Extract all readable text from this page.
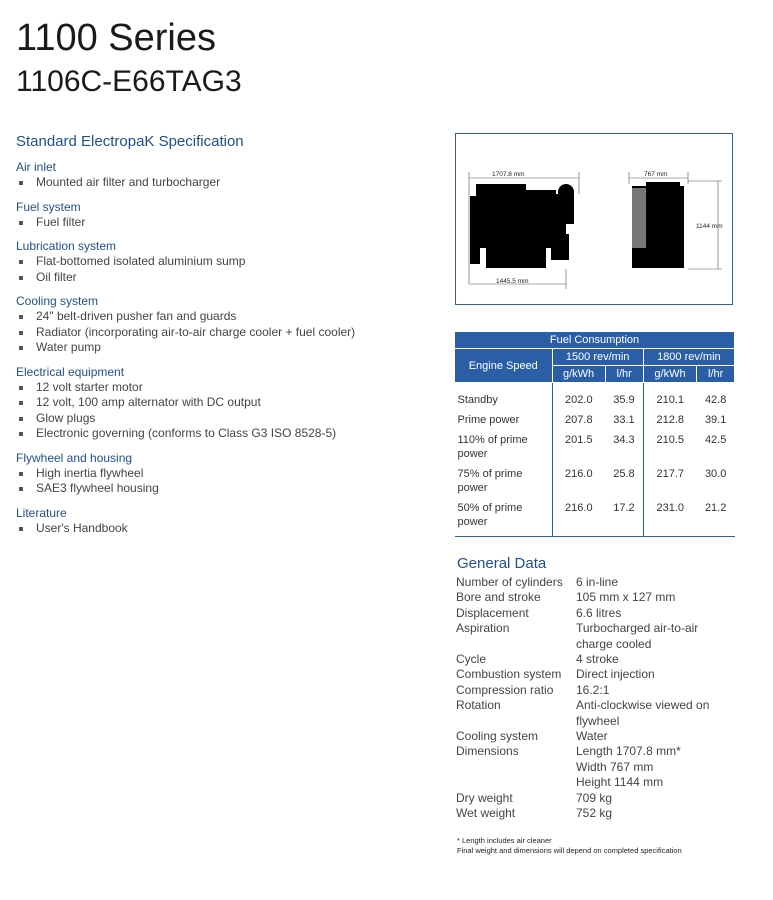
1100 Series
1106C-E66TAG3
Standard ElectropaK Specification
Air inlet
Mounted air filter and turbocharger
Fuel system
Fuel filter
Lubrication system
Flat-bottomed isolated aluminium sump
Oil filter
Cooling system
24" belt-driven pusher fan and guards
Radiator (incorporating air-to-air charge cooler + fuel cooler)
Water pump
Electrical equipment
12 volt starter motor
12 volt, 100 amp alternator with DC output
Glow plugs
Electronic governing (conforms to Class G3 ISO 8528-5)
Flywheel and housing
High inertia flywheel
SAE3 flywheel housing
Literature
User's Handbook
1707.8 mm
1445.5 mm
767 mm
1144 mm
Fuel Consumption				
Engine Speed	1500 rev/min		1800 rev/min	
	g/kWh	l/hr	g/kWh	l/hr
Standby	202.0	35.9	210.1	42.8
Prime power	207.8	33.1	212.8	39.1
110% of prime power	201.5	34.3	210.5	42.5
75% of prime power	216.0	25.8	217.7	30.0
50% of prime power	216.0	17.2	231.0	21.2
General Data
Number of cylinders	6 in-line
Bore and stroke	105 mm x 127 mm
Displacement	6.6 litres
Aspiration	Turbocharged air-to-air
	charge cooled
Cycle	4 stroke
Combustion system	Direct injection
Compression ratio	16.2:1
Rotation	Anti-clockwise viewed on
	flywheel
Cooling system	Water
Dimensions	Length 1707.8 mm*
	Width 767 mm
	Height 1144 mm
Dry weight	709 kg
Wet weight	752 kg
* Length includes air cleaner
Final weight and dimensions will depend on completed specification
